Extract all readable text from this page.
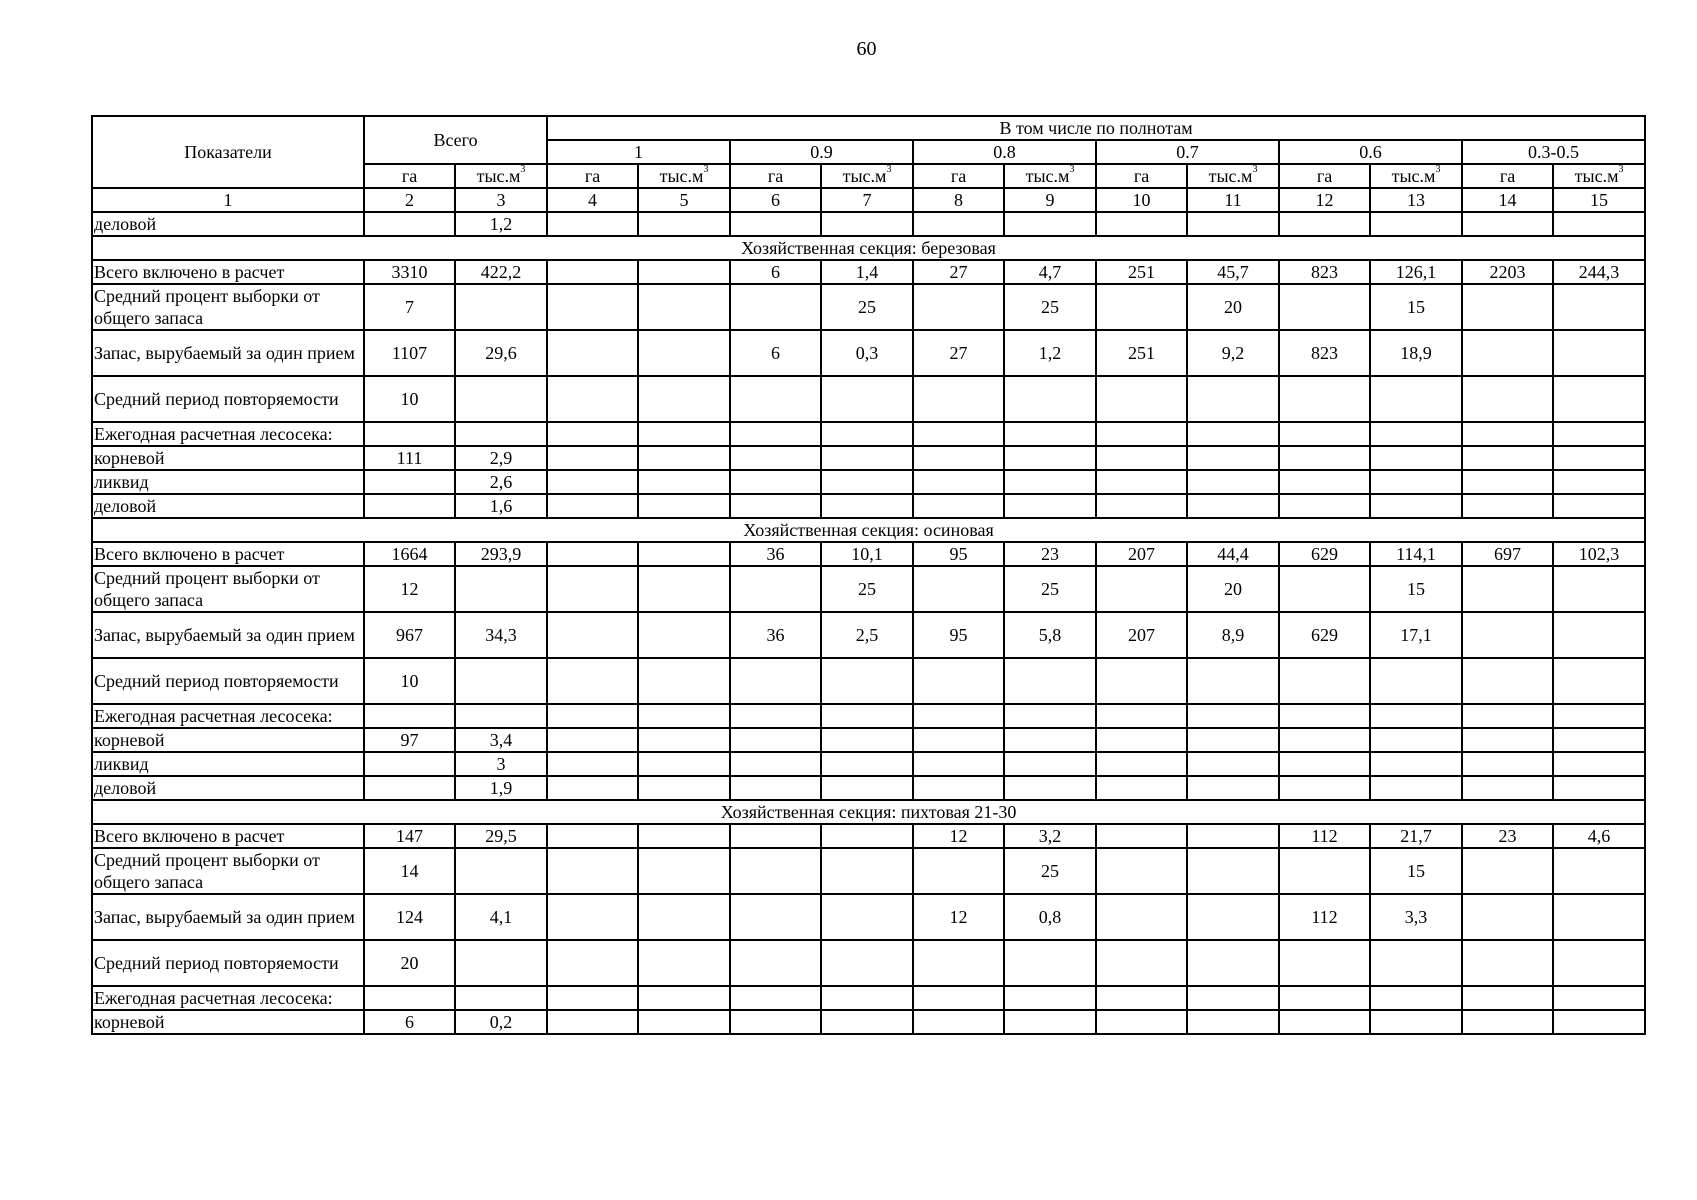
60
Показатели	Всего		В том числе по полнотам											
			1		0.9		0.8		0.7		0.6		0.3-0.5	
	га	$тыс.м^3$	га	$тыс.м^3$	га	$тыс.м^3$	га	$тыс.м^3$	га	$тыс.м^3$	га	$тыс.м^3$	га	$тыс.м^3$
1	2	3	4	5	6	7	8	9	10	11	12	13	14	15
деловой		1,2												
Хозяйственная секция: березовая														
Всего включено в расчет	3310	422,2			6	1,4	27	4,7	251	45,7	823	126,1	2203	244,3
Средний процент выборки от общего запаса	7					25		25		20		15		
Запас, вырубаемый за один прием	1107	29,6			6	0,3	27	1,2	251	9,2	823	18,9		
Средний период повторяемости	10													
Ежегодная расчетная лесосека:														
корневой	111	2,9												
ликвид		2,6												
деловой		1,6												
Хозяйственная секция: осиновая														
Всего включено в расчет	1664	293,9			36	10,1	95	23	207	44,4	629	114,1	697	102,3
Средний процент выборки от общего запаса	12					25		25		20		15		
Запас, вырубаемый за один прием	967	34,3			36	2,5	95	5,8	207	8,9	629	17,1		
Средний период повторяемости	10													
Ежегодная расчетная лесосека:														
корневой	97	3,4												
ликвид		3												
деловой		1,9												
Хозяйственная секция: пихтовая 21-30														
Всего включено в расчет	147	29,5					12	3,2			112	21,7	23	4,6
Средний процент выборки от общего запаса	14							25				15		
Запас, вырубаемый за один прием	124	4,1					12	0,8			112	3,3		
Средний период повторяемости	20													
Ежегодная расчетная лесосека:														
корневой	6	0,2												
